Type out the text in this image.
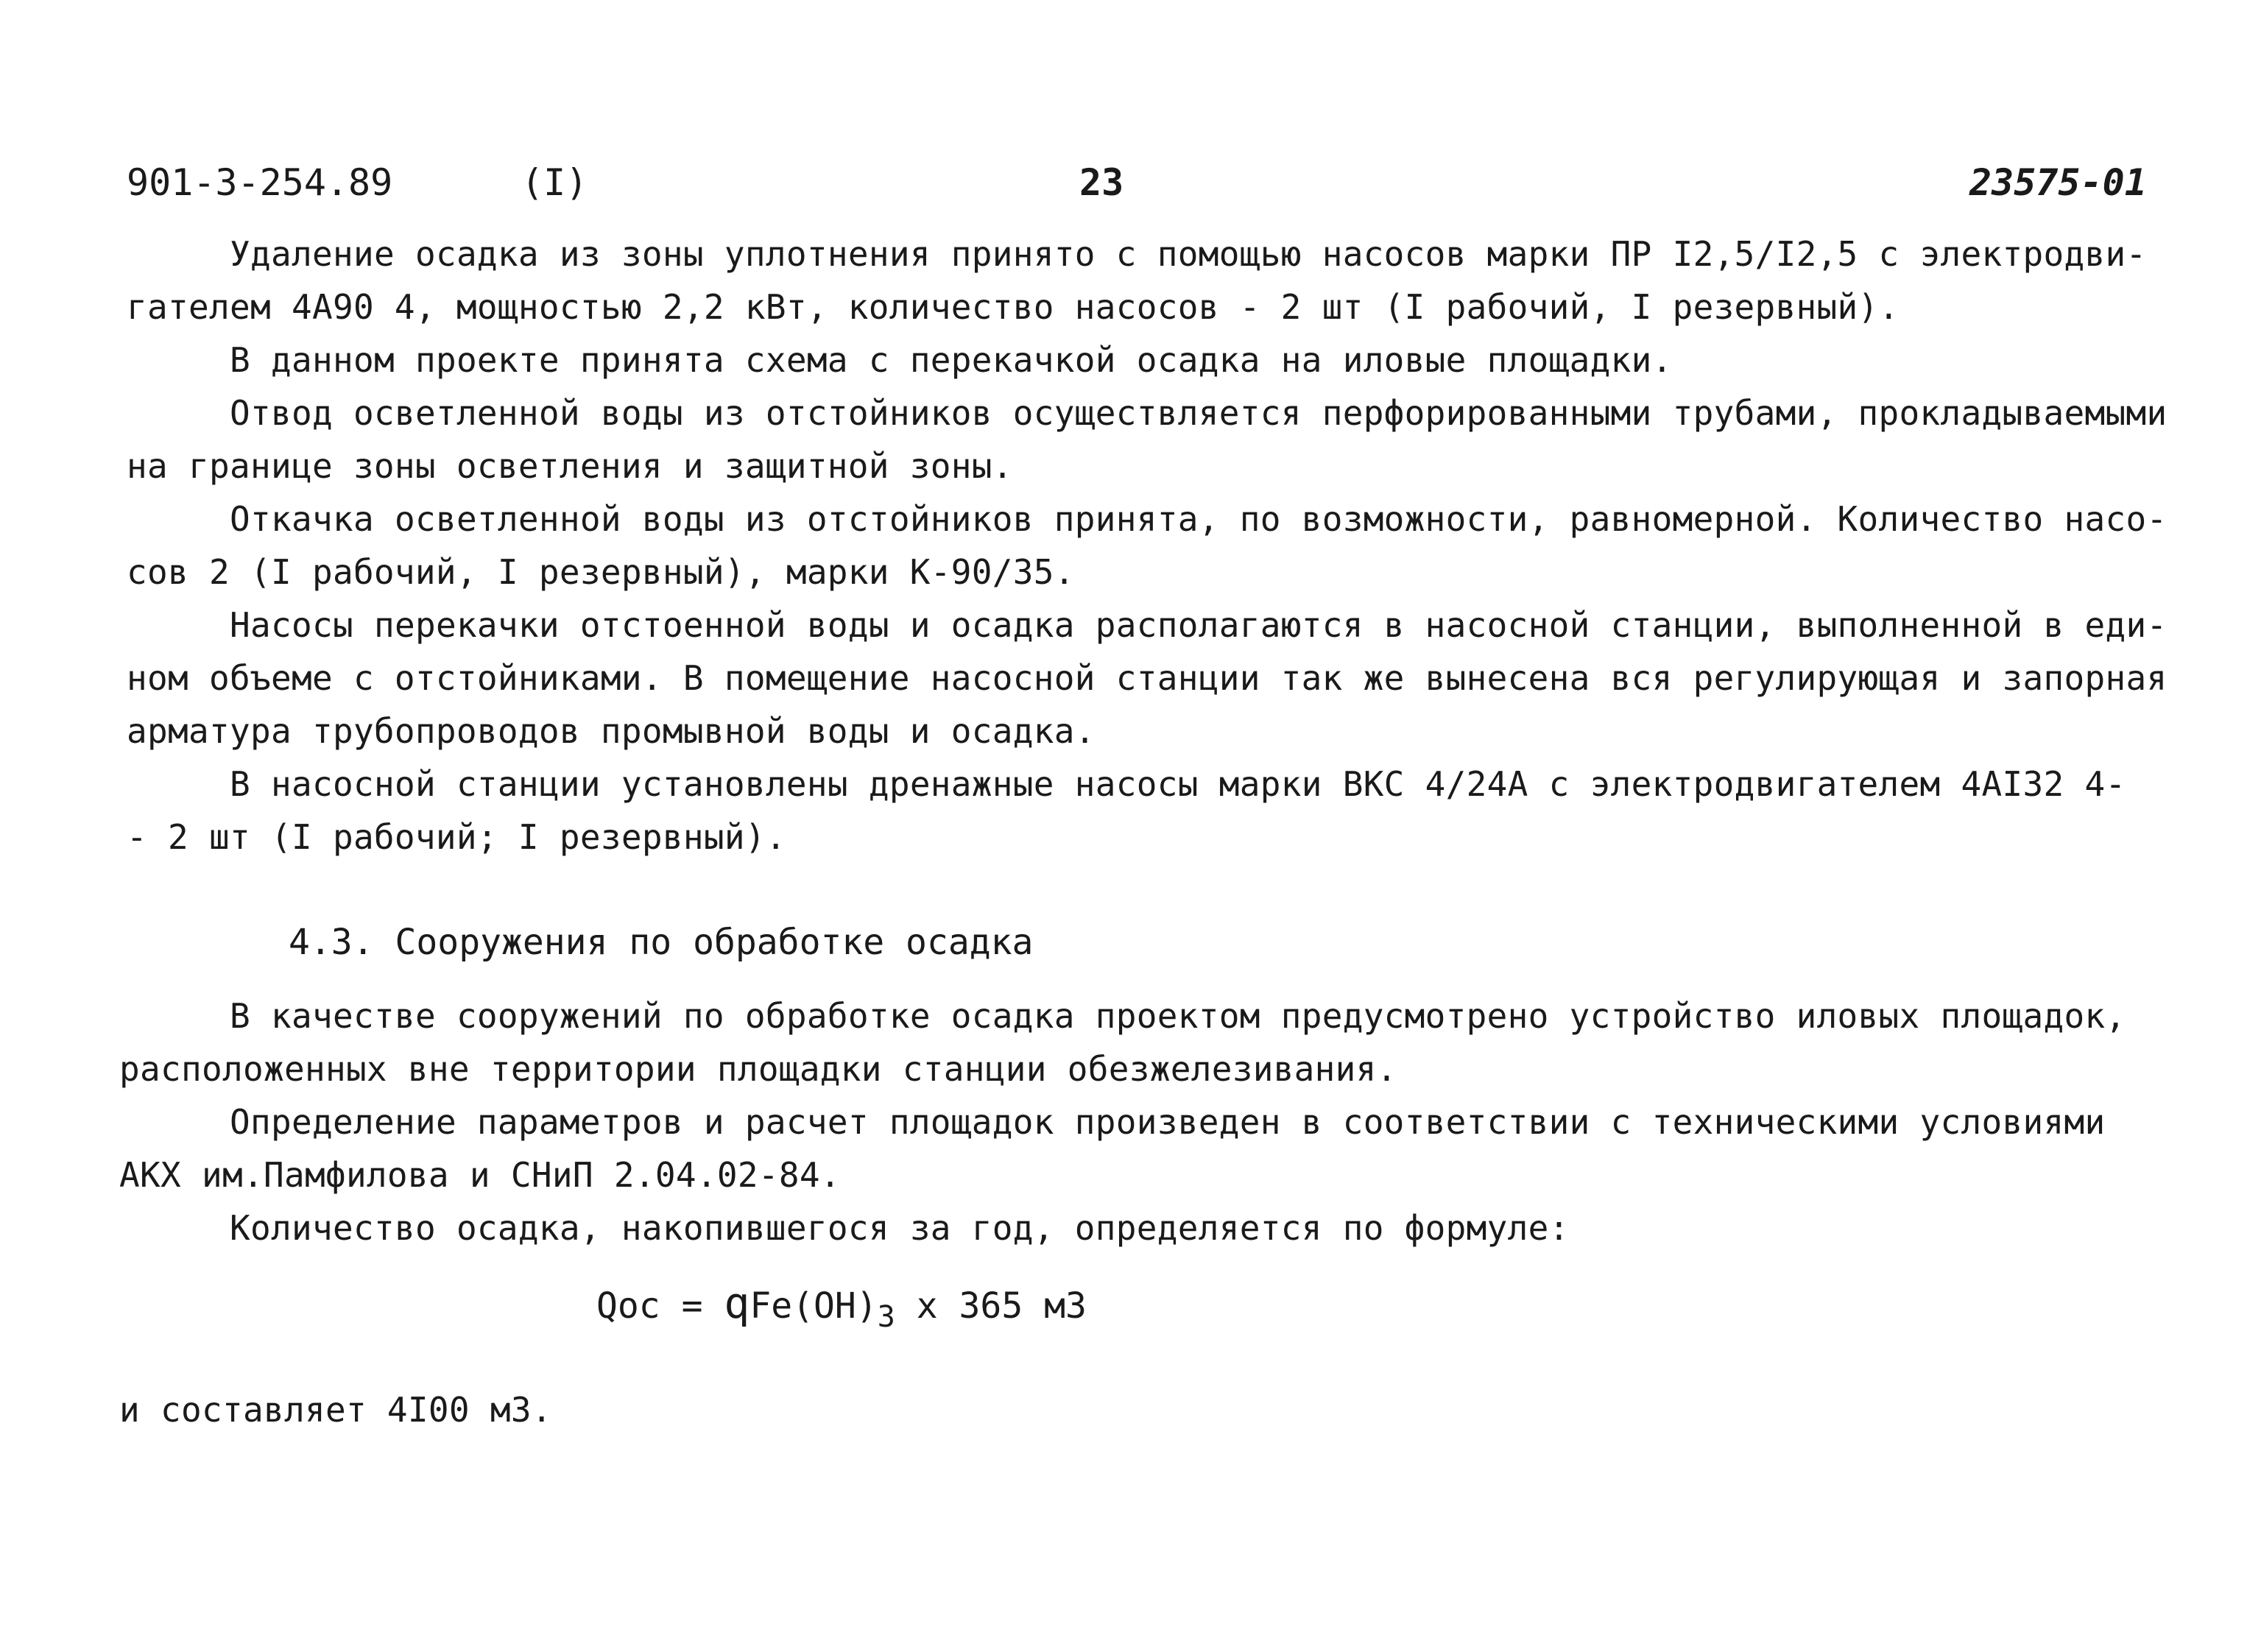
901-3-254.89	(I)	23	23575-01
Удаление осадка из зоны уплотнения принято с помощью насосов марки ПР I2,5/I2,5 с электродви-
гателем 4А90 4, мощностью 2,2 кВт, количество насосов - 2 шт (I рабочий, I резервный).
В данном проекте принята схема с перекачкой осадка на иловые площадки.
Отвод осветленной воды из отстойников осуществляется перфорированными трубами, прокладываемыми
на границе зоны осветления и защитной зоны.
Откачка осветленной воды из отстойников принята, по возможности, равномерной. Количество насо-
сов 2 (I рабочий, I резервный), марки К-90/35.
Насосы перекачки отстоенной воды и осадка располагаются в насосной станции, выполненной в еди-
ном объеме с отстойниками. В помещение насосной станции так же вынесена вся регулирующая и запорная
арматура трубопроводов промывной воды и осадка.
В насосной станции установлены дренажные насосы марки ВКС 4/24А с электродвигателем 4АI32 4-
- 2 шт (I рабочий; I резервный).
4.3. Сооружения по обработке осадка
В качестве сооружений по обработке осадка проектом предусмотрено устройство иловых площадок,
расположенных вне территории площадки станции обезжелезивания.
Определение параметров и расчет площадок произведен в соответствии с техническими условиями
АКХ им.Памфилова и СНиП 2.04.02-84.
Количество осадка, накопившегося за год, определяется по формуле:
Qос = $qFe(OH)_3$ x 365 м3
и составляет 4I00 м3.
